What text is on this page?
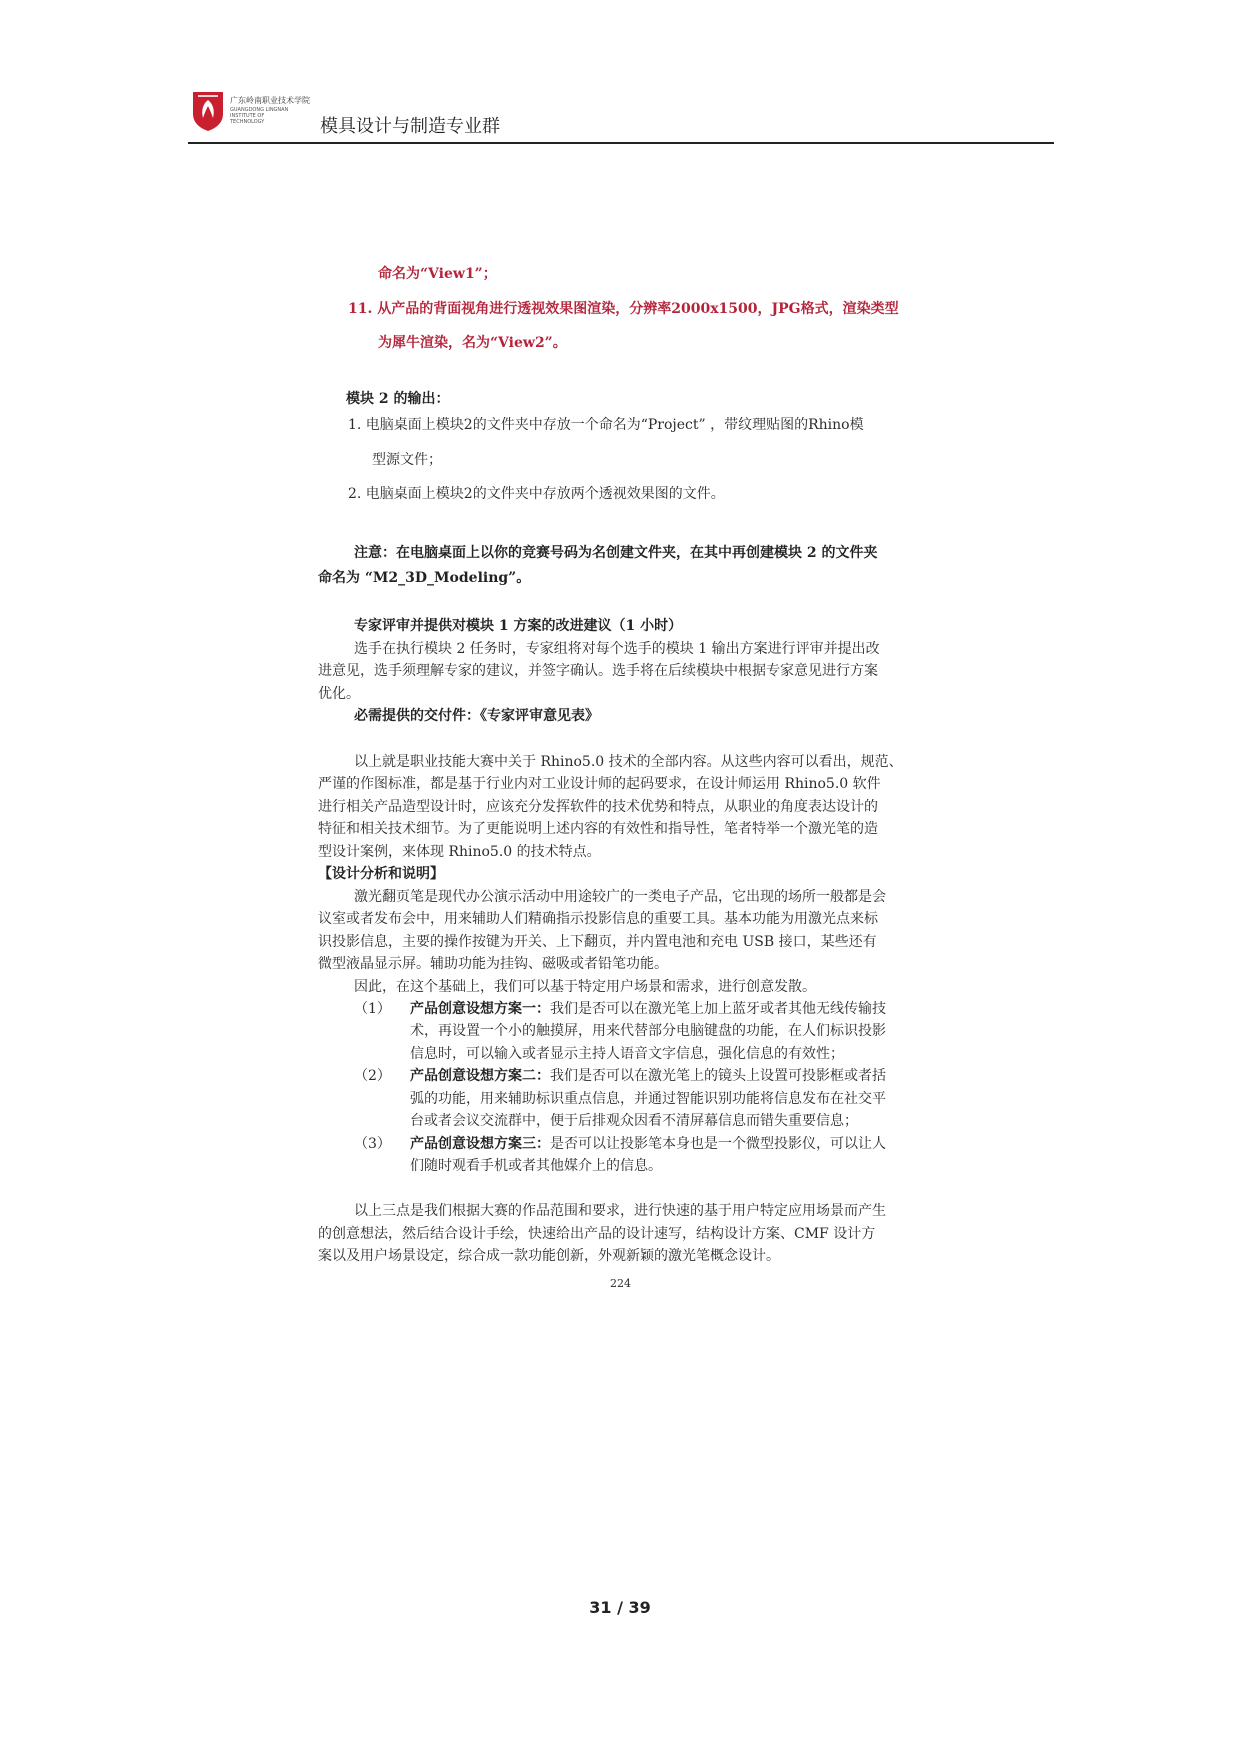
广东岭南职业技术学院
GUANGDONG LINGNAN INSTITUTE OF TECHNOLOGY	模具设计与制造专业群
命名为“View1”；
11. 从产品的背面视角进行透视效果图渲染，分辨率2000x1500，JPG格式，渲染类型
为犀牛渲染，名为“View2”。
模块 2 的输出：
1. 电脑桌面上模块2的文件夹中存放一个命名为“Project” ，带纹理贴图的Rhino模
型源文件；
2. 电脑桌面上模块2的文件夹中存放两个透视效果图的文件。
注意：在电脑桌面上以你的竞赛号码为名创建文件夹，在其中再创建模块 2 的文件夹
命名为 “M2_3D_Modeling”。
专家评审并提供对模块 1 方案的改进建议（1 小时）
选手在执行模块 2 任务时，专家组将对每个选手的模块 1 输出方案进行评审并提出改
进意见，选手须理解专家的建议，并签字确认。选手将在后续模块中根据专家意见进行方案
优化。
必需提供的交付件：《专家评审意见表》
以上就是职业技能大赛中关于 Rhino5.0 技术的全部内容。从这些内容可以看出，规范、
严谨的作图标准，都是基于行业内对工业设计师的起码要求，在设计师运用 Rhino5.0 软件
进行相关产品造型设计时，应该充分发挥软件的技术优势和特点，从职业的角度表达设计的
特征和相关技术细节。为了更能说明上述内容的有效性和指导性，笔者特举一个激光笔的造
型设计案例，来体现 Rhino5.0 的技术特点。
【设计分析和说明】
激光翻页笔是现代办公演示活动中用途较广的一类电子产品，它出现的场所一般都是会
议室或者发布会中，用来辅助人们精确指示投影信息的重要工具。基本功能为用激光点来标
识投影信息，主要的操作按键为开关、上下翻页，并内置电池和充电 USB 接口，某些还有
微型液晶显示屏。辅助功能为挂钩、磁吸或者铅笔功能。
因此，在这个基础上，我们可以基于特定用户场景和需求，进行创意发散。
（1） 产品创意设想方案一：我们是否可以在激光笔上加上蓝牙或者其他无线传输技
术，再设置一个小的触摸屏，用来代替部分电脑键盘的功能，在人们标识投影
信息时，可以输入或者显示主持人语音文字信息，强化信息的有效性；
（2） 产品创意设想方案二：我们是否可以在激光笔上的镜头上设置可投影框或者括
弧的功能，用来辅助标识重点信息，并通过智能识别功能将信息发布在社交平
台或者会议交流群中，便于后排观众因看不清屏幕信息而错失重要信息；
（3） 产品创意设想方案三：是否可以让投影笔本身也是一个微型投影仪，可以让人
们随时观看手机或者其他媒介上的信息。
以上三点是我们根据大赛的作品范围和要求，进行快速的基于用户特定应用场景而产生
的创意想法，然后结合设计手绘，快速给出产品的设计速写，结构设计方案、CMF 设计方
案以及用户场景设定，综合成一款功能创新，外观新颖的激光笔概念设计。
224
31 / 39
